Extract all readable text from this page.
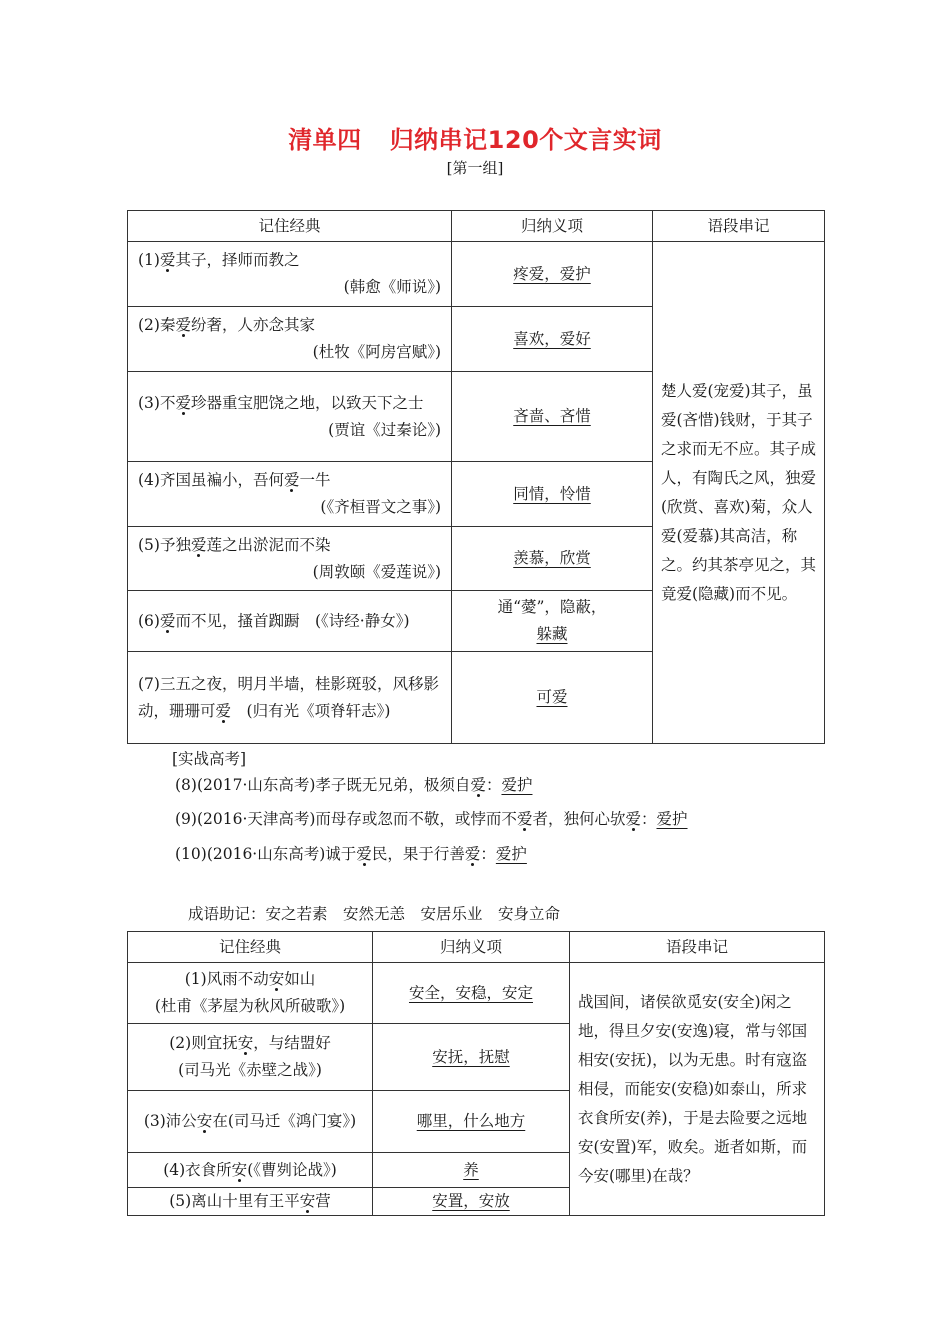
清单四 归纳串记120个文言实词
[第一组]
记住经典	归纳义项	语段串记

(1)爱其子，择师而教之
(韩愈《师说》)	疼爱，爱护	楚人爱(宠爱)其子，虽爱(吝惜)钱财，于其子之求而无不应。其子成人，有陶氏之风，独爱(欣赏、喜欢)菊，众人爱(爱慕)其高洁，称之。约其茶亭见之，其竟爱(隐藏)而不见。

(2)秦爱纷奢，人亦念其家
(杜牧《阿房宫赋》)	喜欢，爱好	

(3)不爱珍器重宝肥饶之地，以致天下之士
(贾谊《过秦论》)	吝啬、吝惜	

(4)齐国虽褊小，吾何爱一牛
(《齐桓晋文之事》)	同情，怜惜	

(5)予独爱莲之出淤泥而不染
(周敦颐《爱莲说》)	羡慕，欣赏	

(6)爱而不见，搔首踟蹰　(《诗经·静女》)	通“薆”，隐蔽，
躲藏	

(7)三五之夜，明月半墙，桂影斑驳，风移影动，珊珊可爱　(归有光《项脊轩志》)	可爱	
[实战高考]
(8)(2017·山东高考)孝子既无兄弟，极须自爱：爱护
(9)(2016·天津高考)而母存或忽而不敬，或悖而不爱者，独何心欤爱：爱护
(10)(2016·山东高考)诚于爱民，果于行善爱：爱护
成语助记：安之若素　安然无恙　安居乐业　安身立命
记住经典	归纳义项	语段串记

(1)风雨不动安如山
(杜甫《茅屋为秋风所破歌》)	安全，安稳，安定	战国间，诸侯欲觅安(安全)闲之地，得旦夕安(安逸)寝，常与邻国相安(安抚)，以为无患。时有寇盗相侵，而能安(安稳)如泰山，所求衣食所安(养)，于是去险要之远地安(安置)军，败矣。逝者如斯，而今安(哪里)在哉？

(2)则宜抚安，与结盟好
(司马光《赤壁之战》)	安抚，抚慰	

(3)沛公安在(司马迁《鸿门宴》)	哪里，什么地方	
(4)衣食所安(《曹刿论战》)	养	
(5)离山十里有王平安营	安置，安放	
